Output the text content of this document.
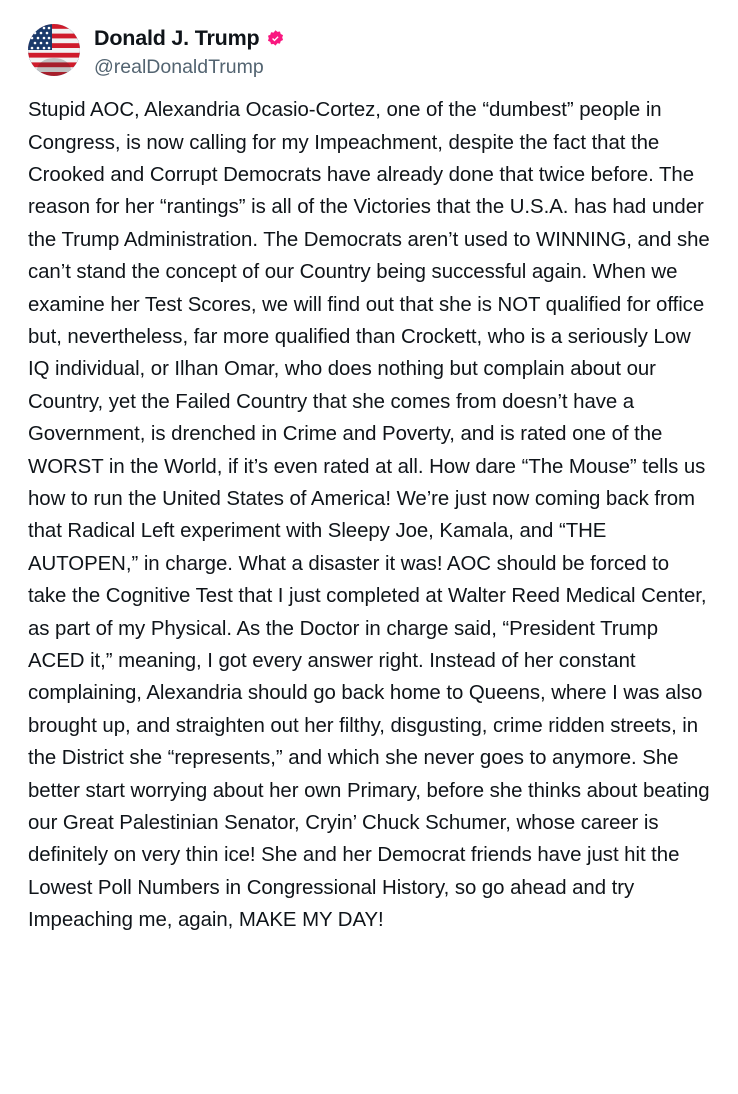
Donald J. Trump
@realDonaldTrump
Stupid AOC, Alexandria Ocasio-Cortez, one of the “dumbest” people in Congress, is now calling for my Impeachment, despite the fact that the Crooked and Corrupt Democrats have already done that twice before. The reason for her “rantings” is all of the Victories that the U.S.A. has had under the Trump Administration. The Democrats aren’t used to WINNING, and she can’t stand the concept of our Country being successful again. When we examine her Test Scores, we will find out that she is NOT qualified for office but, nevertheless, far more qualified than Crockett, who is a seriously Low IQ individual, or Ilhan Omar, who does nothing but complain about our Country, yet the Failed Country that she comes from doesn’t have a Government, is drenched in Crime and Poverty, and is rated one of the WORST in the World, if it’s even rated at all. How dare “The Mouse” tells us how to run the United States of America! We’re just now coming back from that Radical Left experiment with Sleepy Joe, Kamala, and “THE AUTOPEN,” in charge. What a disaster it was! AOC should be forced to take the Cognitive Test that I just completed at Walter Reed Medical Center, as part of my Physical. As the Doctor in charge said, “President Trump ACED it,” meaning, I got every answer right. Instead of her constant complaining, Alexandria should go back home to Queens, where I was also brought up, and straighten out her filthy, disgusting, crime ridden streets, in the District she “represents,” and which she never goes to anymore. She better start worrying about her own Primary, before she thinks about beating our Great Palestinian Senator, Cryin’ Chuck Schumer, whose career is definitely on very thin ice! She and her Democrat friends have just hit the Lowest Poll Numbers in Congressional History, so go ahead and try Impeaching me, again, MAKE MY DAY!
